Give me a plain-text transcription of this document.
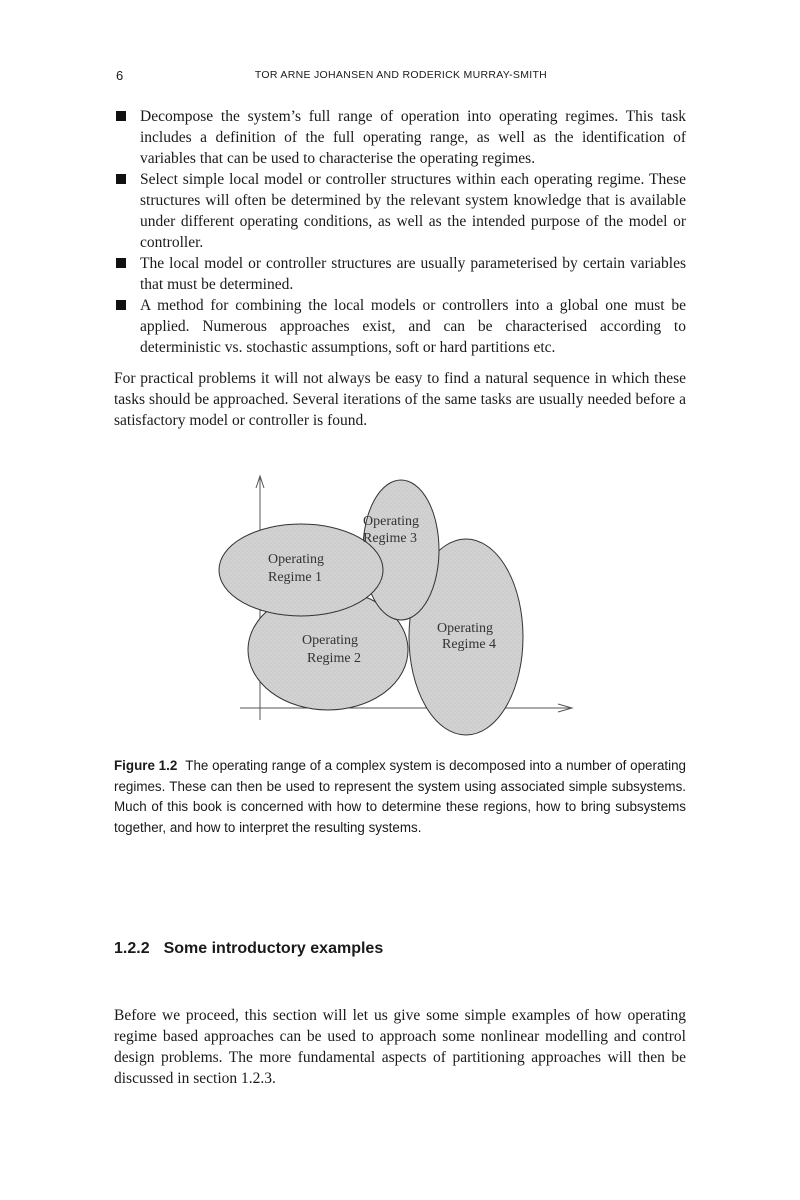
6	TOR ARNE JOHANSEN AND RODERICK MURRAY-SMITH
Decompose the system’s full range of operation into operating regimes. This task includes a definition of the full operating range, as well as the identification of variables that can be used to characterise the operating regimes.
Select simple local model or controller structures within each operating regime. These structures will often be determined by the relevant system knowledge that is available under different operating conditions, as well as the intended purpose of the model or controller.
The local model or controller structures are usually parameterised by certain variables that must be determined.
A method for combining the local models or controllers into a global one must be applied. Numerous approaches exist, and can be characterised according to deterministic vs. stochastic assumptions, soft or hard partitions etc.

For practical problems it will not always be easy to find a natural sequence in which these tasks should be approached. Several iterations of the same tasks are usually needed before a satisfactory model or controller is found.

Operating
Regime 1
Operating
Regime 2
Operating
Regime 3
Operating
Regime 4

Figure 1.2 The operating range of a complex system is decomposed into a number of operating regimes. These can then be used to represent the system using associated simple subsystems. Much of this book is concerned with how to determine these regions, how to bring subsystems together, and how to interpret the resulting systems.

1.2.2 Some introductory examples

Before we proceed, this section will let us give some simple examples of how operating regime based approaches can be used to approach some nonlinear modelling and control design problems. The more fundamental aspects of partitioning approaches will then be discussed in section 1.2.3.
